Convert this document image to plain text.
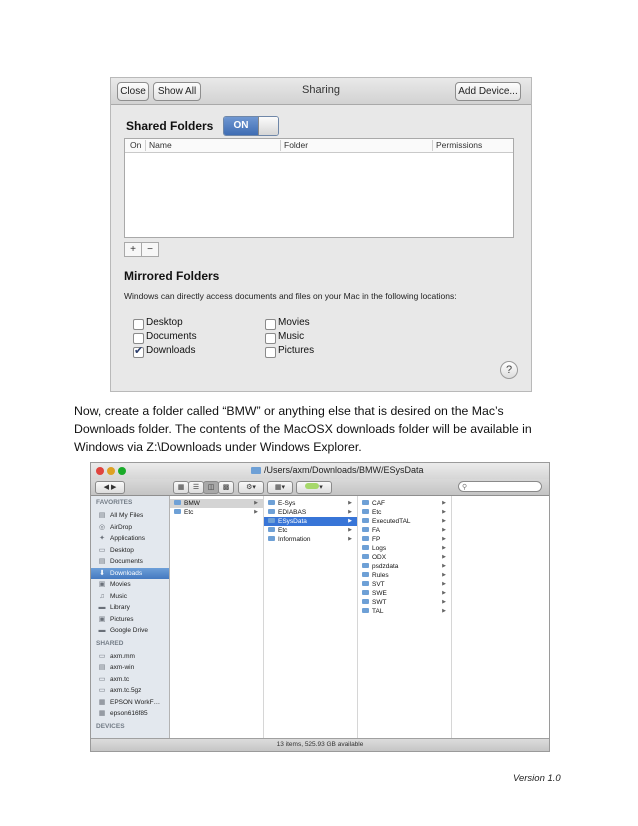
Close	Show All	Sharing	Add Device...
Shared Folders	ON
On Name	Folder	Permissions
+	−
Mirrored Folders
Windows can directly access documents and files on your Mac in the following locations:
Desktop
Documents
✔
Downloads
Movies
Music
Pictures
?
Now, create a folder called “BMW” or anything else that is desired on the Mac’s
Downloads folder. The contents of the MacOSX downloads folder will be available in
Windows via Z:\Downloads under Windows Explorer.
/Users/axm/Downloads/BMW/ESysData
◀ ▶	▦	☰	◫	▩	⚙▾	▦▾	▾	⚲
FAVORITES
▤ All My Files
◎ AirDrop
✦ Applications
▭ Desktop
▤ Documents
⬇ Downloads
▣ Movies
♫ Music
▬ Library
▣ Pictures
▬ Google Drive
SHARED
▭ axm.mm
▤ axm-win
▭ axm.tc
▭ axm.tc.5gz
▦ EPSON WorkF…
▦ epson616f85
DEVICES
BMW	▶
Etc	▶
E-Sys	▶
EDIABAS	▶
ESysData	▶
Etc	▶
Information	▶
CAF	▶
Etc	▶
ExecutedTAL	▶
FA	▶
FP	▶
Logs	▶
ODX	▶
psdzdata	▶
Rules	▶
SVT	▶
SWE	▶
SWT	▶
TAL	▶
13 items, 525.93 GB available
Version 1.0
